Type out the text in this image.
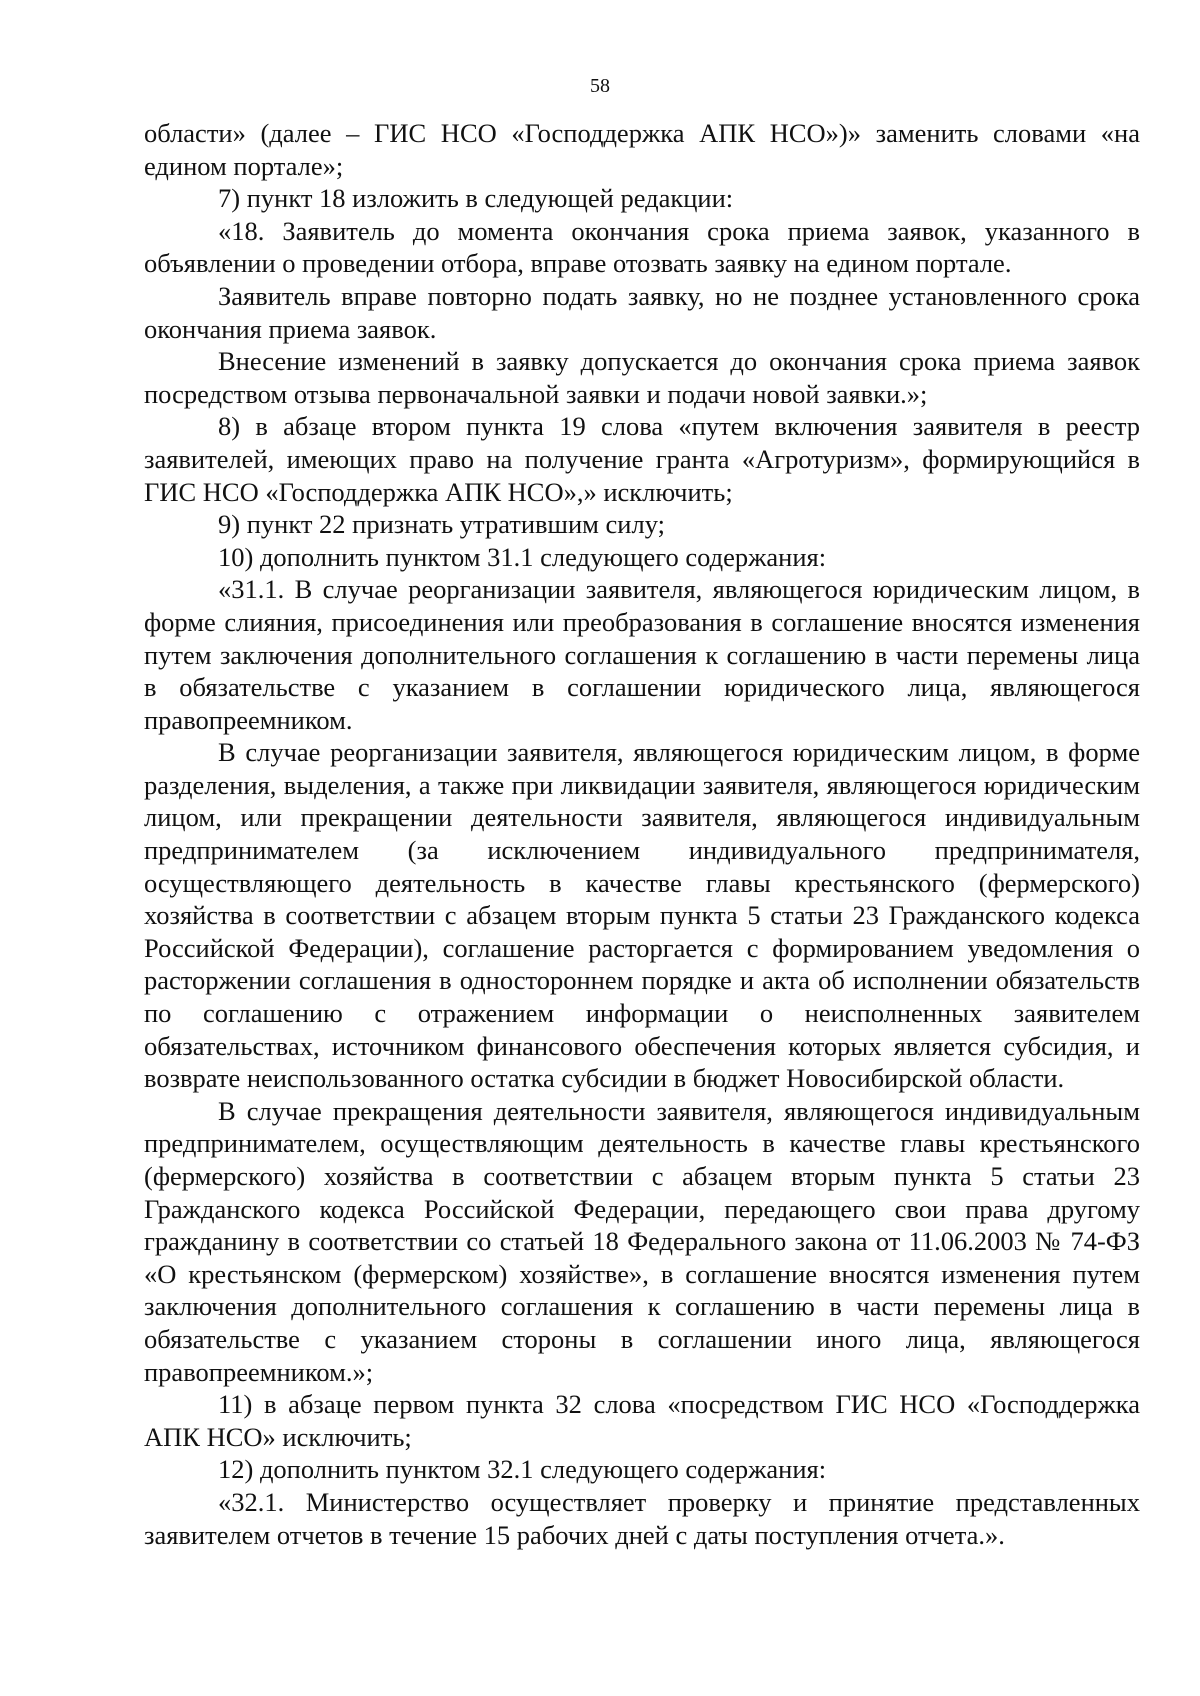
58

области» (далее – ГИС НСО «Господдержка АПК НСО»)» заменить словами «на едином портале»;

7) пункт 18 изложить в следующей редакции:

«18. Заявитель до момента окончания срока приема заявок, указанного в объявлении о проведении отбора, вправе отозвать заявку на едином портале.

Заявитель вправе повторно подать заявку, но не позднее установленного срока окончания приема заявок.

Внесение изменений в заявку допускается до окончания срока приема заявок посредством отзыва первоначальной заявки и подачи новой заявки.»;

8) в абзаце втором пункта 19 слова «путем включения заявителя в реестр заявителей, имеющих право на получение гранта «Агротуризм», формирующийся в ГИС НСО «Господдержка АПК НСО»,» исключить;

9) пункт 22 признать утратившим силу;

10) дополнить пунктом 31.1 следующего содержания:

«31.1. В случае реорганизации заявителя, являющегося юридическим лицом, в форме слияния, присоединения или преобразования в соглашение вносятся изменения путем заключения дополнительного соглашения к соглашению в части перемены лица в обязательстве с указанием в соглашении юридического лица, являющегося правопреемником.

В случае реорганизации заявителя, являющегося юридическим лицом, в форме разделения, выделения, а также при ликвидации заявителя, являющегося юридическим лицом, или прекращении деятельности заявителя, являющегося индивидуальным предпринимателем (за исключением индивидуального предпринимателя, осуществляющего деятельность в качестве главы крестьянского (фермерского) хозяйства в соответствии с абзацем вторым пункта 5 статьи 23 Гражданского кодекса Российской Федерации), соглашение расторгается с формированием уведомления о расторжении соглашения в одностороннем порядке и акта об исполнении обязательств по соглашению с отражением информации о неисполненных заявителем обязательствах, источником финансового обеспечения которых является субсидия, и возврате неиспользованного остатка субсидии в бюджет Новосибирской области.

В случае прекращения деятельности заявителя, являющегося индивидуальным предпринимателем, осуществляющим деятельность в качестве главы крестьянского (фермерского) хозяйства в соответствии с абзацем вторым пункта 5 статьи 23 Гражданского кодекса Российской Федерации, передающего свои права другому гражданину в соответствии со статьей 18 Федерального закона от 11.06.2003 № 74-ФЗ «О крестьянском (фермерском) хозяйстве», в соглашение вносятся изменения путем заключения дополнительного соглашения к соглашению в части перемены лица в обязательстве с указанием стороны в соглашении иного лица, являющегося правопреемником.»;

11) в абзаце первом пункта 32 слова «посредством ГИС НСО «Господдержка АПК НСО» исключить;

12) дополнить пунктом 32.1 следующего содержания:

«32.1. Министерство осуществляет проверку и принятие представленных заявителем отчетов в течение 15 рабочих дней с даты поступления отчета.».
